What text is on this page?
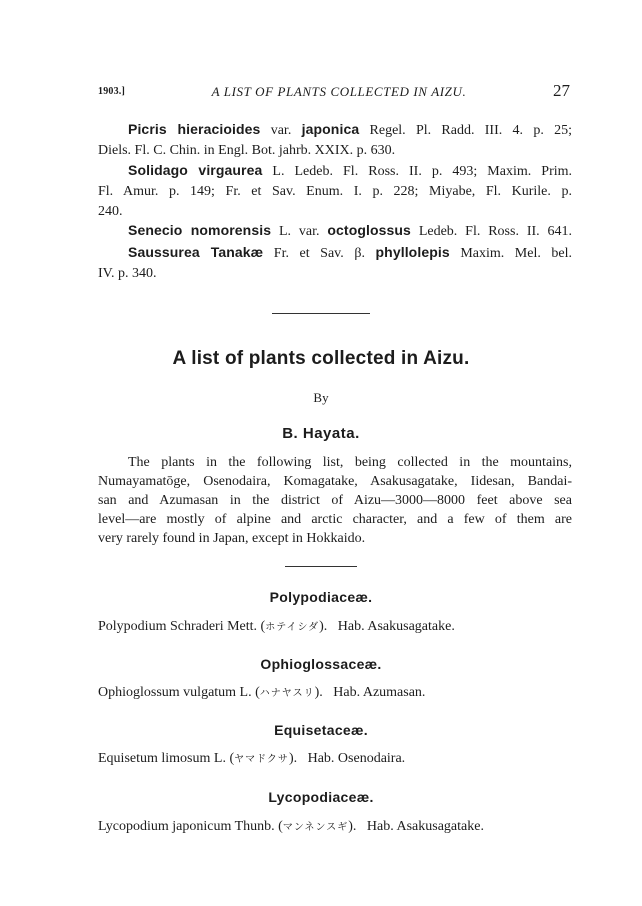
1903.]	A LIST OF PLANTS COLLECTED IN AIZU.	27
Picris hieracioides var. japonica Regel. Pl. Radd. III. 4. p. 25;
Diels. Fl. C. Chin. in Engl. Bot. jahrb. XXIX. p. 630.
Solidago virgaurea L. Ledeb. Fl. Ross. II. p. 493; Maxim. Prim.
Fl. Amur. p. 149; Fr. et Sav. Enum. I. p. 228; Miyabe, Fl. Kurile. p.
240.
Senecio nomorensis L. var. octoglossus Ledeb. Fl. Ross. II. 641.
Saussurea Tanakæ Fr. et Sav. β. phyllolepis Maxim. Mel. bel.
IV. p. 340.
A list of plants collected in Aizu.
By
B. Hayata.
The plants in the following list, being collected in the mountains,
Numayamatōge, Osenodaira, Komagatake, Asakusagatake, Iidesan, Bandai-
san and Azumasan in the district of Aizu—3000—8000 feet above sea
level—are mostly of alpine and arctic character, and a few of them are
very rarely found in Japan, except in Hokkaido.
Polypodiaceæ.
Polypodium Schraderi Mett. (ホテイシダ).   Hab. Asakusagatake.
Ophioglossaceæ.
Ophioglossum vulgatum L. (ハナヤスリ).   Hab. Azumasan.
Equisetaceæ.
Equisetum limosum L. (ヤマドクサ).   Hab. Osenodaira.
Lycopodiaceæ.
Lycopodium japonicum Thunb. (マンネンスギ).   Hab. Asakusagatake.
